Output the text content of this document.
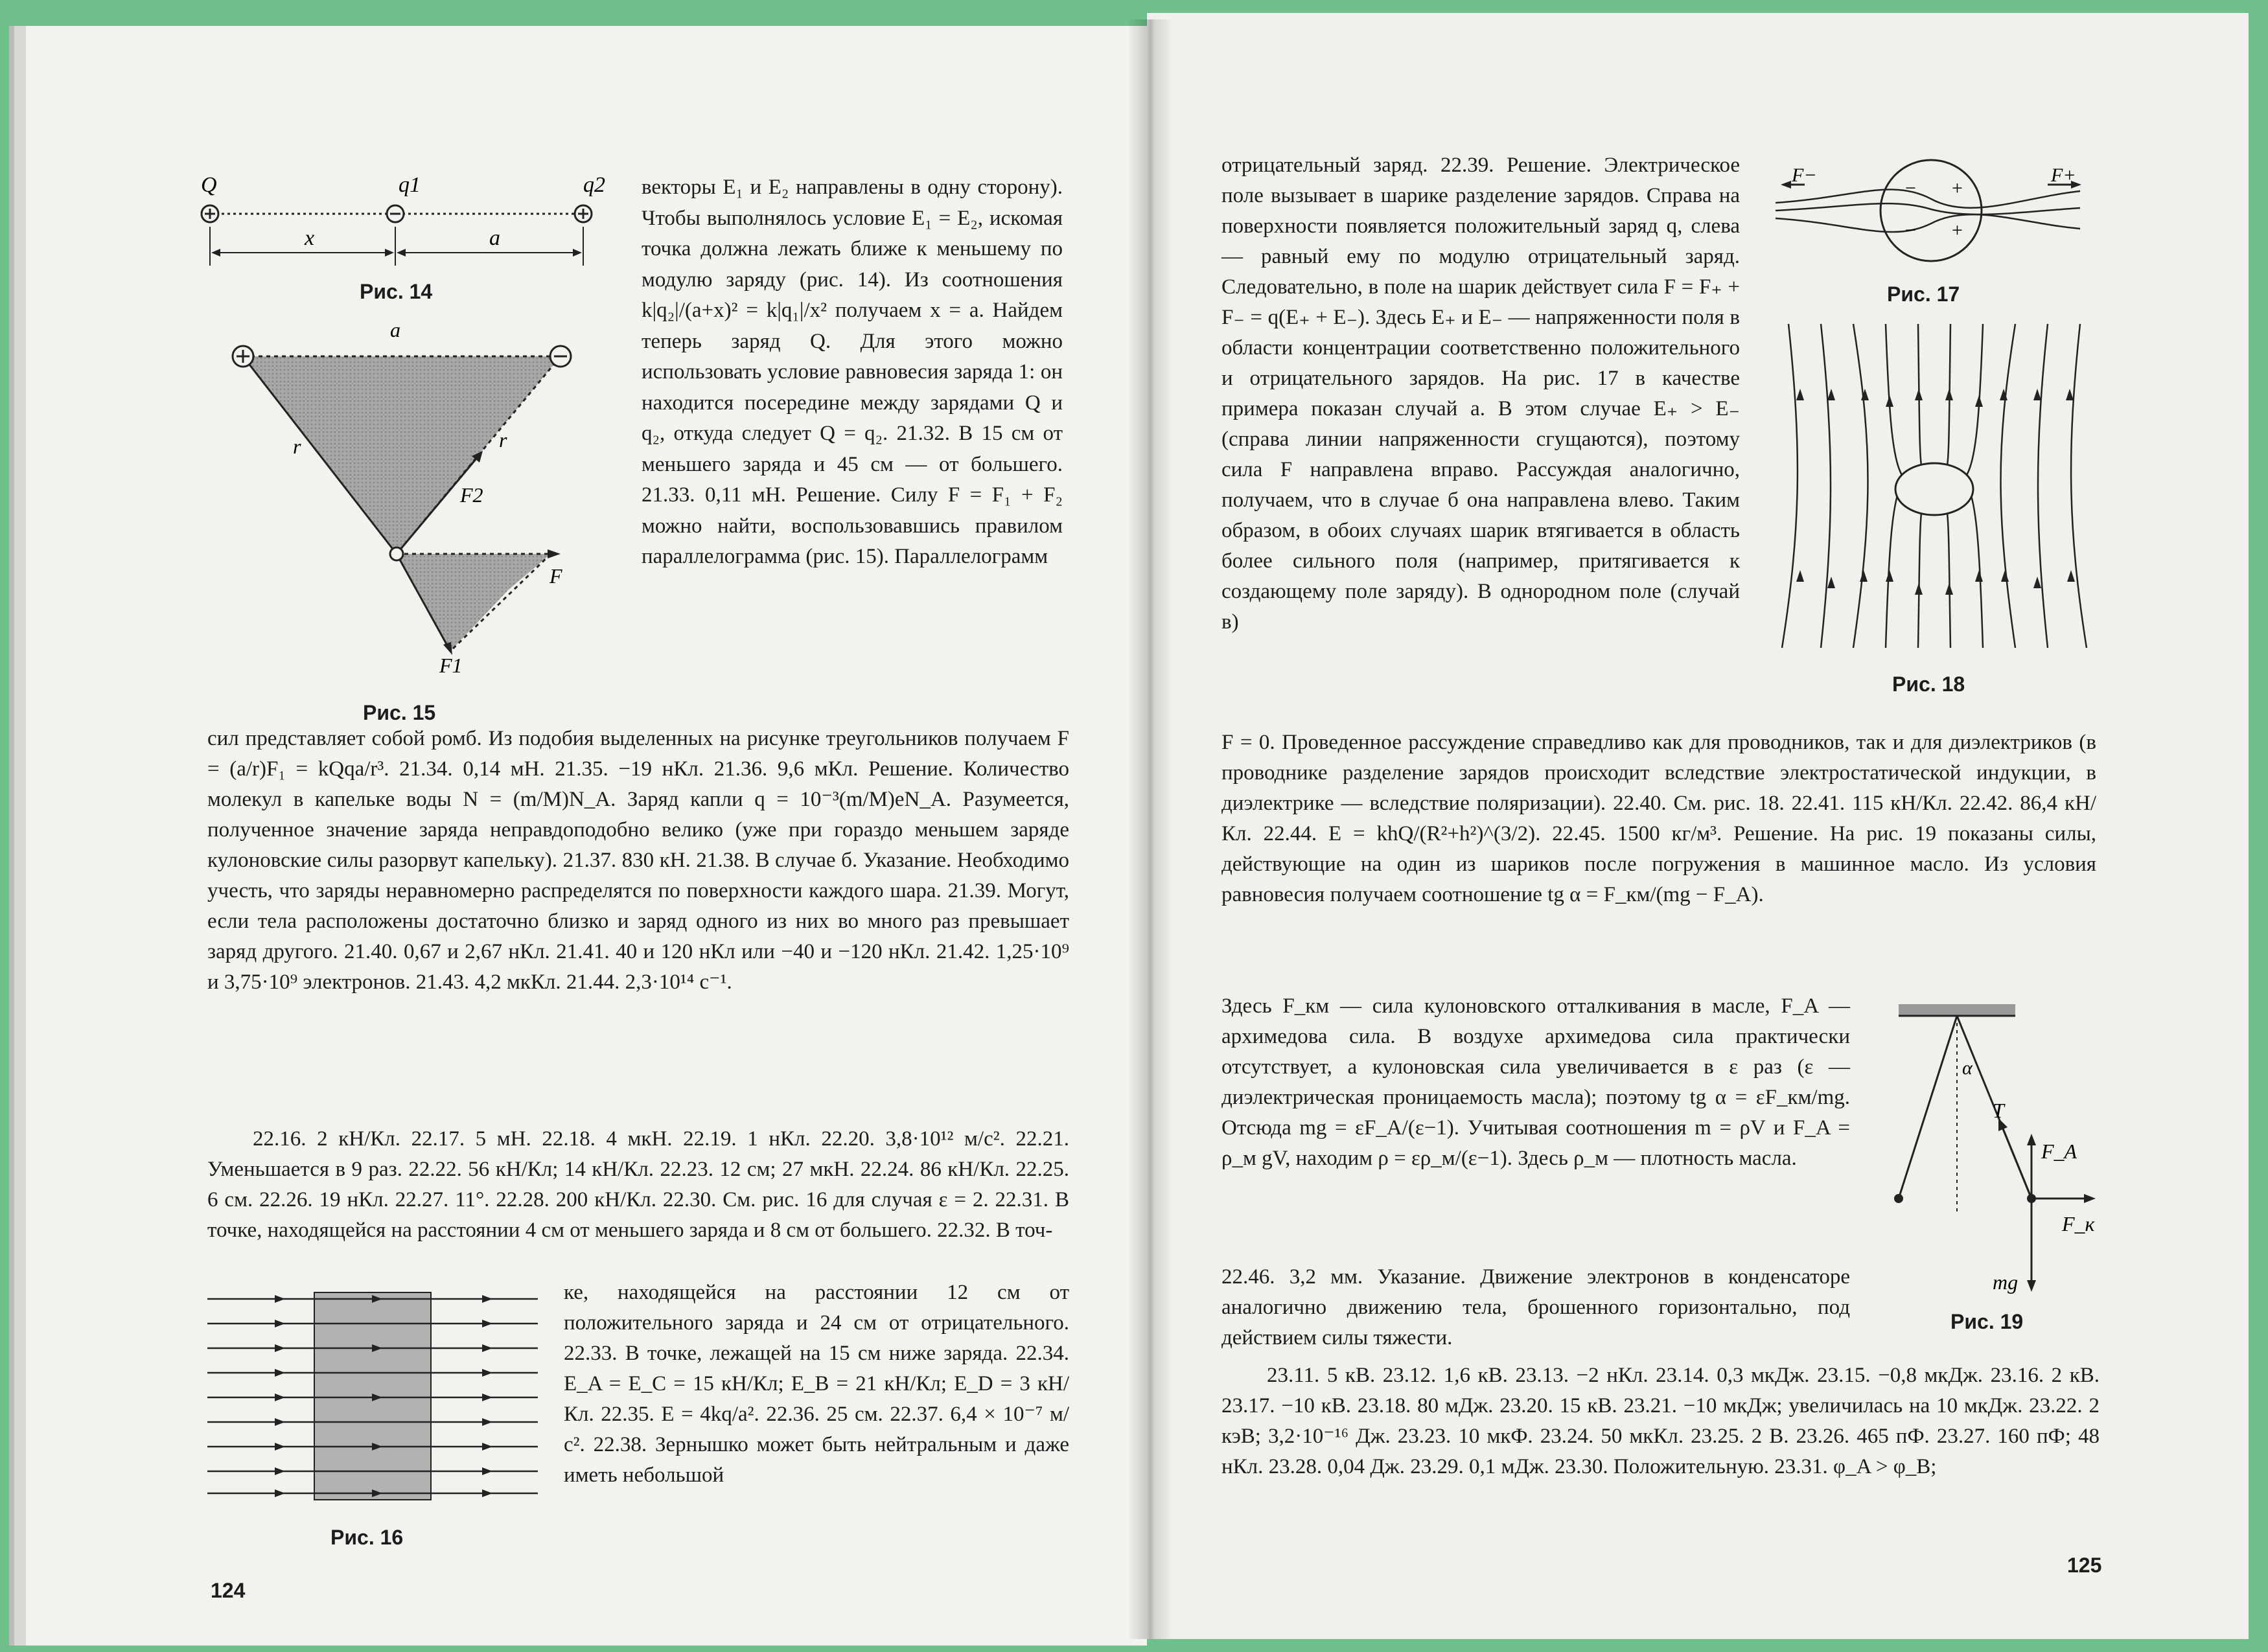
Q	q1	q2
x	a
Рис. 14
a
r	r
F2
F
F1
Рис. 15
векторы E₁ и E₂ направлены в одну сторону). Чтобы выполнялось условие E₁ = E₂, искомая точка должна лежать ближе к меньшему по модулю заряду (рис. 14). Из соотношения k|q₂|/(a+x)² = k|q₁|/x² получаем x = a. Найдем теперь заряд Q. Для этого можно использовать условие равновесия заряда 1: он находится посередине между зарядами Q и q₂, откуда следует Q = q₂. 21.32. В 15 см от меньшего заряда и 45 см — от большего. 21.33. 0,11 мН. Решение. Силу F = F₁ + F₂ можно найти, воспользовавшись правилом параллелограмма (рис. 15). Параллелограмм
сил представляет собой ромб. Из подобия выделенных на рисунке треугольников получаем F = (a/r)F₁ = kQqa/r³. 21.34. 0,14 мН. 21.35. −19 нКл. 21.36. 9,6 мКл. Решение. Количество молекул в капельке воды N = (m/M)N_A. Заряд капли q = 10⁻³(m/M)eN_A. Разумеется, полученное значение заряда неправдоподобно велико (уже при гораздо меньшем заряде кулоновские силы разорвут капельку). 21.37. 830 кН. 21.38. В случае б. Указание. Необходимо учесть, что заряды неравномерно распределятся по поверхности каждого шара. 21.39. Могут, если тела расположены достаточно близко и заряд одного из них во много раз превышает заряд другого. 21.40. 0,67 и 2,67 нКл. 21.41. 40 и 120 нКл или −40 и −120 нКл. 21.42. 1,25·10⁹ и 3,75·10⁹ электронов. 21.43. 4,2 мкКл. 21.44. 2,3·10¹⁴ с⁻¹.
22.16. 2 кН/Кл. 22.17. 5 мН. 22.18. 4 мкН. 22.19. 1 нКл. 22.20. 3,8·10¹² м/с². 22.21. Уменьшается в 9 раз. 22.22. 56 кН/Кл; 14 кН/Кл. 22.23. 12 см; 27 мкН. 22.24. 86 кН/Кл. 22.25. 6 см. 22.26. 19 нКл. 22.27. 11°. 22.28. 200 кН/Кл. 22.30. См. рис. 16 для случая ε = 2. 22.31. В точке, находящейся на расстоянии 4 см от меньшего заряда и 8 см от большего. 22.32. В точ-
Рис. 16
ке, находящейся на расстоянии 12 см от положительного заряда и 24 см от отрицательного. 22.33. В точке, лежащей на 15 см ниже заряда. 22.34. E_A = E_C = 15 кН/Кл; E_B = 21 кН/Кл; E_D = 3 кН/Кл. 22.35. E = 4kq/a². 22.36. 25 см. 22.37. 6,4 × 10⁻⁷ м/с². 22.38. Зернышко может быть нейтральным и даже иметь небольшой
124
отрицательный заряд. 22.39. Решение. Электрическое поле вызывает в шарике разделение зарядов. Справа на поверхности появляется положительный заряд q, слева — равный ему по модулю отрицательный заряд. Следовательно, в поле на шарик действует сила F = F₊ + F₋ = q(E₊ + E₋). Здесь E₊ и E₋ — напряженности поля в области концентрации соответственно положительного и отрицательного зарядов. На рис. 17 в качестве примера показан случай а. В этом случае E₊ > E₋ (справа линии напряженности сгущаются), поэтому сила F направлена вправо. Рассуждая аналогично, получаем, что в случае б она направлена влево. Таким образом, в обоих случаях шарик втягивается в область более сильного поля (например, притягивается к создающему поле заряду). В однородном поле (случай в)
− +
− +
F−	F+
Рис. 17
Рис. 18
F = 0. Проведенное рассуждение справедливо как для проводников, так и для диэлектриков (в проводнике разделение зарядов происходит вследствие электростатической индукции, в диэлектрике — вследствие поляризации). 22.40. См. рис. 18. 22.41. 115 кН/Кл. 22.42. 86,4 кН/Кл. 22.44. E = khQ/(R²+h²)^(3/2). 22.45. 1500 кг/м³. Решение. На рис. 19 показаны силы, действующие на один из шариков после погружения в машинное масло. Из условия равновесия получаем соотношение tg α = F_км/(mg − F_A).
Здесь F_км — сила кулоновского отталкивания в масле, F_A — архимедова сила. В воздухе архимедова сила практически отсутствует, а кулоновская сила увеличивается в ε раз (ε — диэлектрическая проницаемость масла); поэтому tg α = εF_км/mg. Отсюда mg = εF_A/(ε−1). Учитывая соотношения m = ρV и F_A = ρ_м gV, находим ρ = ερ_м/(ε−1). Здесь ρ_м — плотность масла.
α
T
F_A
F_к
mg
Рис. 19
22.46. 3,2 мм. Указание. Движение электронов в конденсаторе аналогично движению тела, брошенного горизонтально, под действием силы тяжести.
23.11. 5 кВ. 23.12. 1,6 кВ. 23.13. −2 нКл. 23.14. 0,3 мкДж. 23.15. −0,8 мкДж. 23.16. 2 кВ. 23.17. −10 кВ. 23.18. 80 мДж. 23.20. 15 кВ. 23.21. −10 мкДж; увеличилась на 10 мкДж. 23.22. 2 кэВ; 3,2·10⁻¹⁶ Дж. 23.23. 10 мкФ. 23.24. 50 мкКл. 23.25. 2 В. 23.26. 465 пФ. 23.27. 160 пФ; 48 нКл. 23.28. 0,04 Дж. 23.29. 0,1 мДж. 23.30. Положительную. 23.31. φ_A > φ_B;
125
